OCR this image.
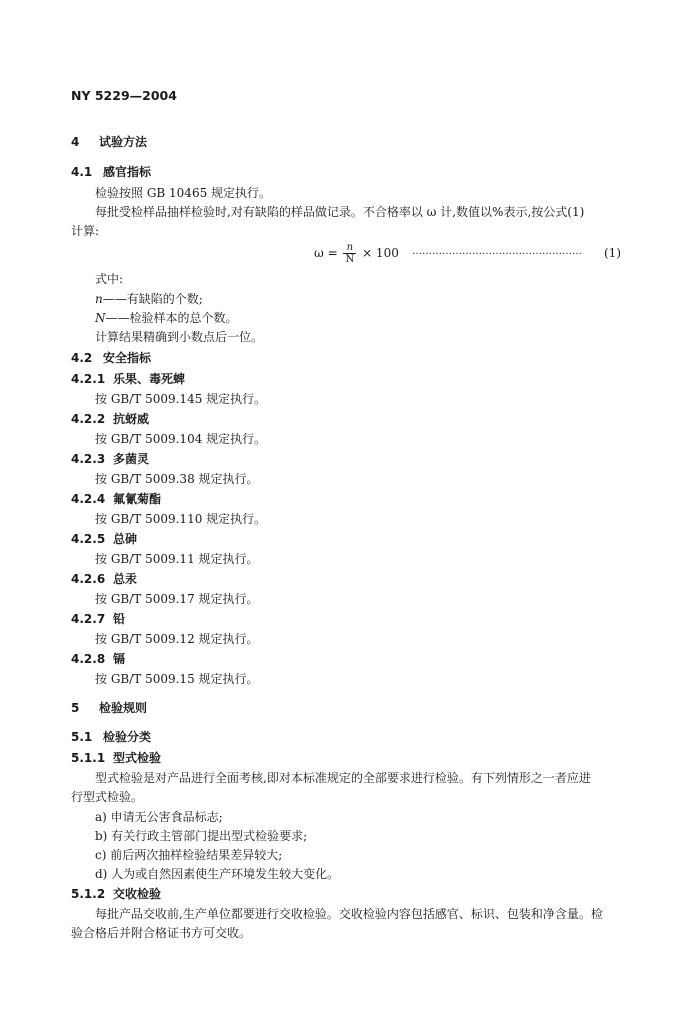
NY 5229—2004
4 试验方法
4.1 感官指标
检验按照 GB 10465 规定执行。
每批受检样品抽样检验时,对有缺陷的样品做记录。不合格率以 ω 计,数值以%表示,按公式(1)
计算:
$\omega = \frac{n}{N} \times 100$ …………………………………………… (1)
式中:
n——有缺陷的个数;
N——检验样本的总个数。
计算结果精确到小数点后一位。
4.2 安全指标
4.2.1 乐果、毒死蜱
按 GB/T 5009.145 规定执行。
4.2.2 抗蚜威
按 GB/T 5009.104 规定执行。
4.2.3 多菌灵
按 GB/T 5009.38 规定执行。
4.2.4 氟氰菊酯
按 GB/T 5009.110 规定执行。
4.2.5 总砷
按 GB/T 5009.11 规定执行。
4.2.6 总汞
按 GB/T 5009.17 规定执行。
4.2.7 铅
按 GB/T 5009.12 规定执行。
4.2.8 镉
按 GB/T 5009.15 规定执行。
5 检验规则
5.1 检验分类
5.1.1 型式检验
型式检验是对产品进行全面考核,即对本标准规定的全部要求进行检验。有下列情形之一者应进
行型式检验。
a) 申请无公害食品标志;
b) 有关行政主管部门提出型式检验要求;
c) 前后两次抽样检验结果差异较大;
d) 人为或自然因素使生产环境发生较大变化。
5.1.2 交收检验
每批产品交收前,生产单位都要进行交收检验。交收检验内容包括感官、标识、包装和净含量。检
验合格后并附合格证书方可交收。
